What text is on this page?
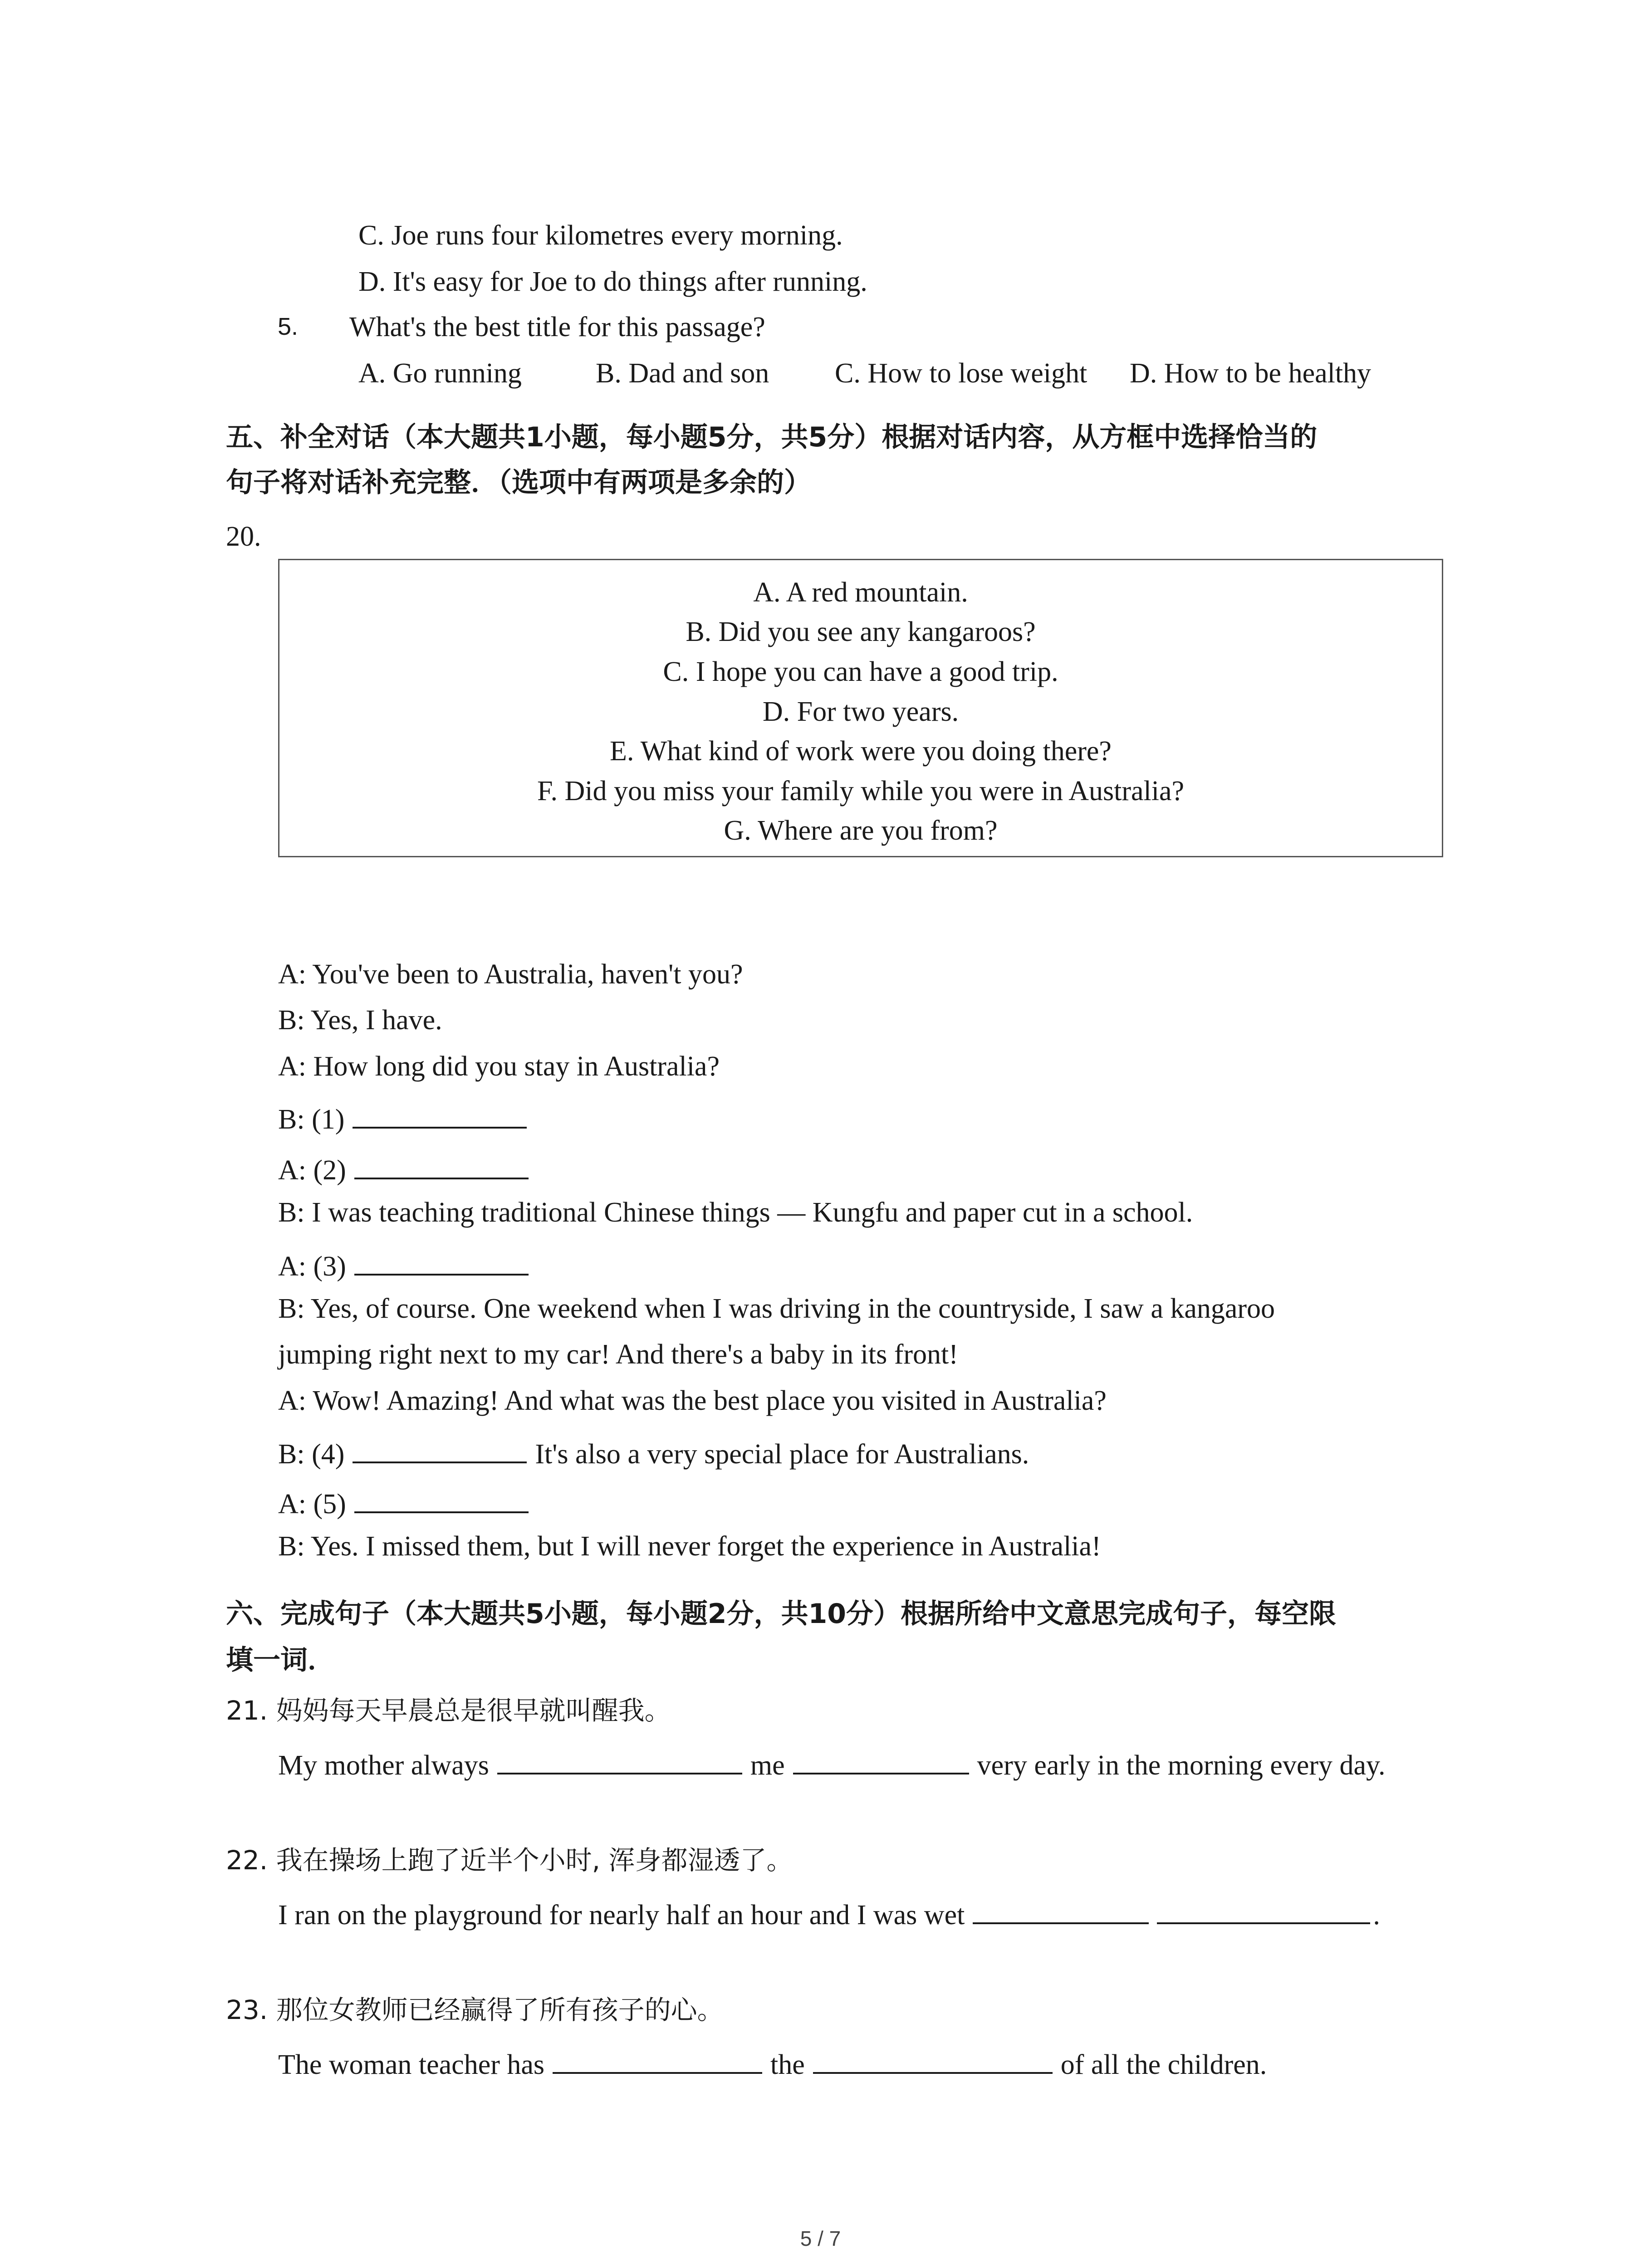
C. Joe runs four kilometres every morning.
D. It's easy for Joe to do things after running.
5. What's the best title for this passage?
A. Go running	B. Dad and son C. How to lose weight D. How to be healthy
五、补全对话（本大题共1小题，每小题5分，共5分）根据对话内容，从方框中选择恰当的
句子将对话补充完整．（选项中有两项是多余的）
20.
A. A red mountain.
B. Did you see any kangaroos?
C. I hope you can have a good trip.
D. For two years.
E. What kind of work were you doing there?
F. Did you miss your family while you were in Australia?
G. Where are you from?
A: You've been to Australia, haven't you?
B: Yes, I have.
A: How long did you stay in Australia?
B: (1)
A: (2)
B: I was teaching traditional Chinese things — Kungfu and paper cut in a school.
A: (3)
B: Yes, of course. One weekend when I was driving in the countryside, I saw a kangaroo
jumping right next to my car! And there's a baby in its front!
A: Wow! Amazing! And what was the best place you visited in Australia?
B: (4)	It's also a very special place for Australians.
A: (5)
B: Yes. I missed them, but I will never forget the experience in Australia!
六、完成句子（本大题共5小题，每小题2分，共10分）根据所给中文意思完成句子，每空限
填一词．
21. 妈妈每天早晨总是很早就叫醒我。
My mother always	me	very early in the morning every day.
22. 我在操场上跑了近半个小时, 浑身都湿透了。
I ran on the playground for nearly half an hour and I was wet	.
23. 那位女教师已经赢得了所有孩子的心。
The woman teacher has	the	of all the children.
5 / 7
